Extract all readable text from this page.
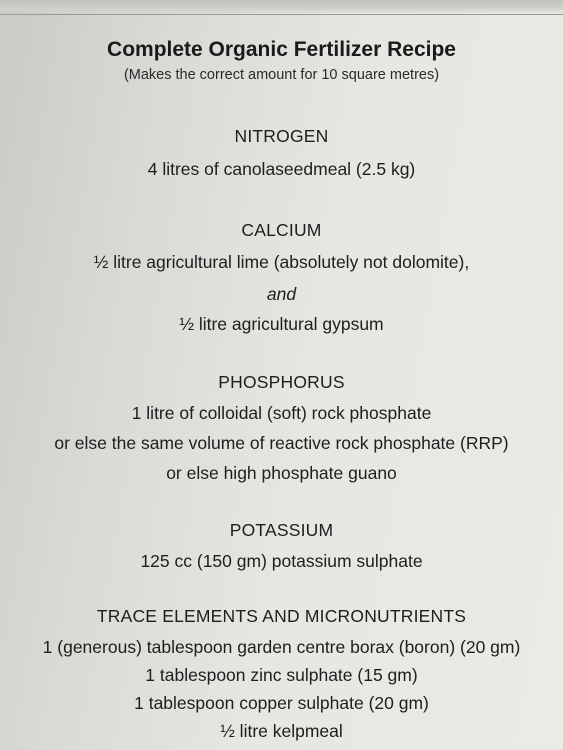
Complete Organic Fertilizer Recipe

(Makes the correct amount for 10 square metres)

NITROGEN

4 litres of canolaseedmeal (2.5 kg)

CALCIUM

½ litre agricultural lime (absolutely not dolomite),

and

½ litre agricultural gypsum

PHOSPHORUS

1 litre of colloidal (soft) rock phosphate

or else the same volume of reactive rock phosphate (RRP)

or else high phosphate guano

POTASSIUM

125 cc (150 gm) potassium sulphate

TRACE ELEMENTS AND MICRONUTRIENTS

1 (generous) tablespoon garden centre borax (boron) (20 gm)

1 tablespoon zinc sulphate (15 gm)

1 tablespoon copper sulphate (20 gm)

½ litre kelpmeal
